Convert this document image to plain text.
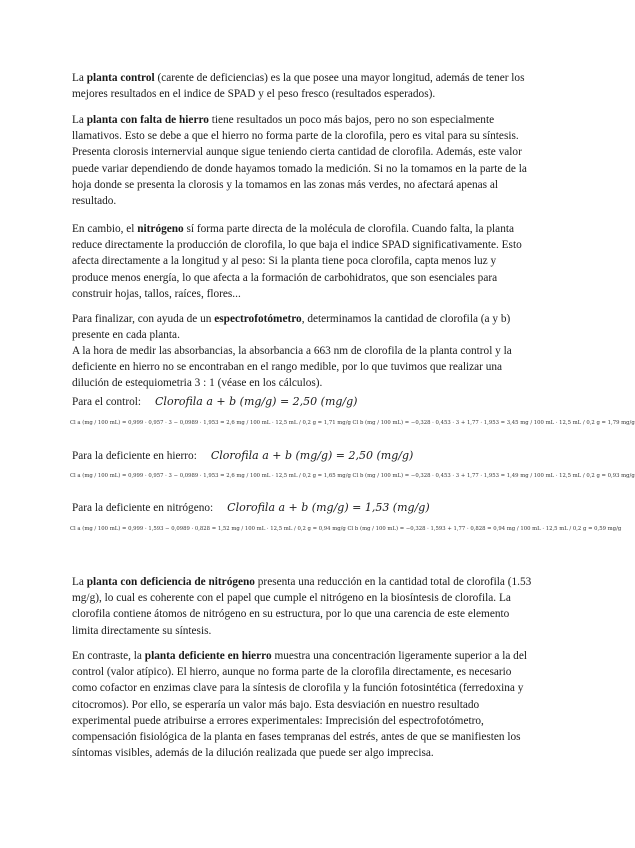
La planta control (carente de deficiencias) es la que posee una mayor longitud, además de tener los mejores resultados en el indice de SPAD y el peso fresco (resultados esperados).

La planta con falta de hierro tiene resultados un poco más bajos, pero no son especialmente llamativos. Esto se debe a que el hierro no forma parte de la clorofila, pero es vital para su síntesis. Presenta clorosis internervial aunque sigue teniendo cierta cantidad de clorofila. Además, este valor puede variar dependiendo de donde hayamos tomado la medición. Si no la tomamos en la parte de la hoja donde se presenta la clorosis y la tomamos en las zonas más verdes, no afectará apenas al resultado.

En cambio, el nitrógeno sí forma parte directa de la molécula de clorofila. Cuando falta, la planta reduce directamente la producción de clorofila, lo que baja el indice SPAD significativamente. Esto afecta directamente a la longitud y al peso: Si la planta tiene poca clorofila, capta menos luz y produce menos energía, lo que afecta a la formación de carbohidratos, que son esenciales para construir hojas, tallos, raíces, flores...

Para finalizar, con ayuda de un espectrofotómetro, determinamos la cantidad de clorofila (a y b) presente en cada planta.

A la hora de medir las absorbancias, la absorbancia a 663 nm de clorofila de la planta control y la deficiente en hierro no se encontraban en el rango medible, por lo que tuvimos que realizar una dilución de estequiometria 3 : 1 (véase en los cálculos).

Para el control: Clorofila a + b (mg/g) = 2,50 (mg/g)
Cl a (mg / 100 mL) = 0,999 · 0,957 · 3 − 0,0989 · 1,953 = 2,6 mg / 100 mL · 12,5 mL / 0,2 g = 1,71 mg/g Cl b (mg / 100 mL) = −0,328 · 0,453 · 3 + 1,77 · 1,953 = 3,45 mg / 100 mL · 12,5 mL / 0,2 g = 1,79 mg/g
Para la deficiente en hierro: Clorofila a + b (mg/g) = 2,50 (mg/g)
Cl a (mg / 100 mL) = 0,999 · 0,957 · 3 − 0,0989 · 1,953 = 2,6 mg / 100 mL · 12,5 mL / 0,2 g = 1,65 mg/g Cl b (mg / 100 mL) = −0,328 · 0,453 · 3 + 1,77 · 1,953 = 1,49 mg / 100 mL · 12,5 mL / 0,2 g = 0,93 mg/g
Para la deficiente en nitrógeno: Clorofila a + b (mg/g) = 1,53 (mg/g)
Cl a (mg / 100 mL) = 0,999 · 1,593 − 0,0989 · 0,828 = 1,52 mg / 100 mL · 12,5 mL / 0,2 g = 0,94 mg/g Cl b (mg / 100 mL) = −0,328 · 1,593 + 1,77 · 0,828 = 0,94 mg / 100 mL · 12,5 mL / 0,2 g = 0,59 mg/g

La planta con deficiencia de nitrógeno presenta una reducción en la cantidad total de clorofila (1.53 mg/g), lo cual es coherente con el papel que cumple el nitrógeno en la biosíntesis de clorofila. La clorofila contiene átomos de nitrógeno en su estructura, por lo que una carencia de este elemento limita directamente su síntesis.

En contraste, la planta deficiente en hierro muestra una concentración ligeramente superior a la del control (valor atípico). El hierro, aunque no forma parte de la clorofila directamente, es necesario como cofactor en enzimas clave para la síntesis de clorofila y la función fotosintética (ferredoxina y citocromos). Por ello, se esperaría un valor más bajo. Esta desviación en nuestro resultado experimental puede atribuirse a errores experimentales: Imprecisión del espectrofotómetro, compensación fisiológica de la planta en fases tempranas del estrés, antes de que se manifiesten los síntomas visibles, además de la dilución realizada que puede ser algo imprecisa.
